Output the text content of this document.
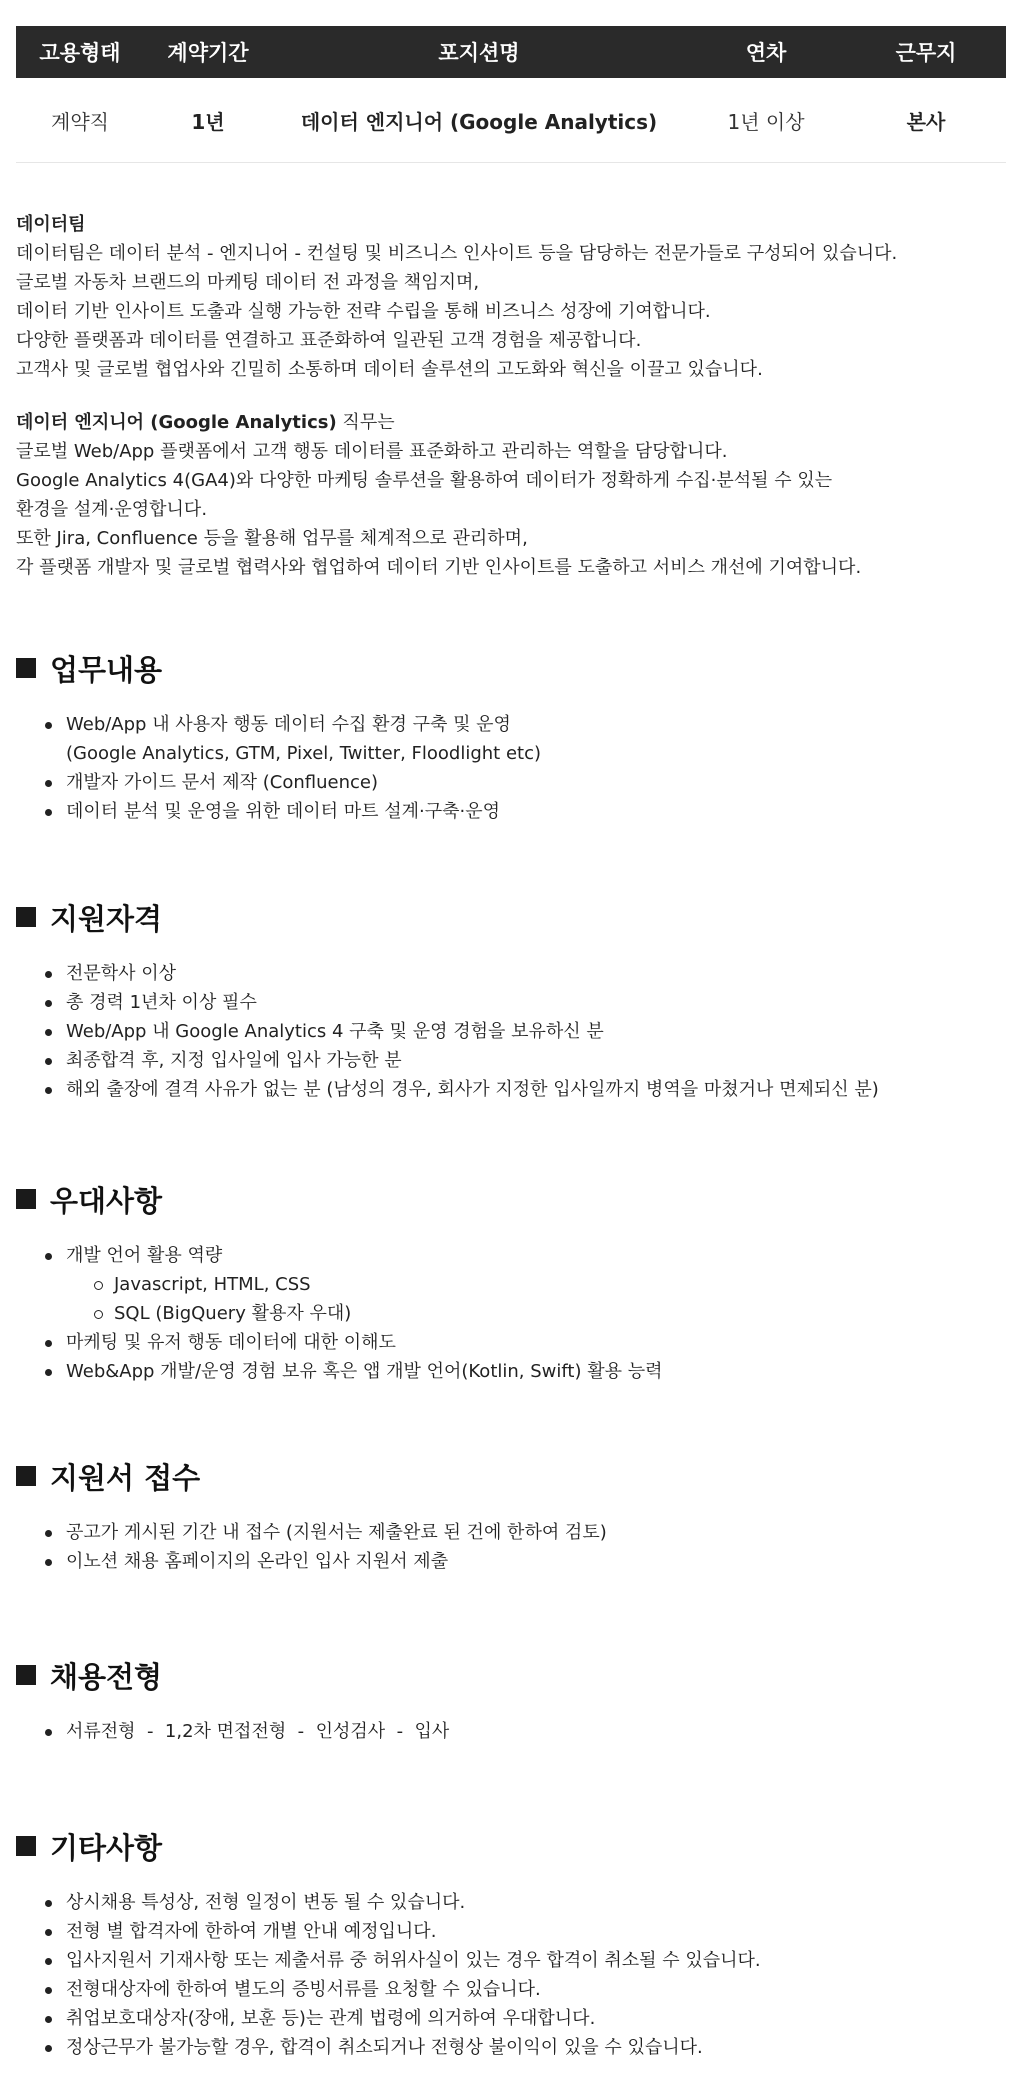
고용형태	계약기간	포지션명	연차	근무지
계약직	1년	데이터 엔지니어 (Google Analytics)	1년 이상	본사

데이터팀

데이터팀은 데이터 분석 - 엔지니어 - 컨설팅 및 비즈니스 인사이트 등을 담당하는 전문가들로 구성되어 있습니다.

글로벌 자동차 브랜드의 마케팅 데이터 전 과정을 책임지며,

데이터 기반 인사이트 도출과 실행 가능한 전략 수립을 통해 비즈니스 성장에 기여합니다.

다양한 플랫폼과 데이터를 연결하고 표준화하여 일관된 고객 경험을 제공합니다.

고객사 및 글로벌 협업사와 긴밀히 소통하며 데이터 솔루션의 고도화와 혁신을 이끌고 있습니다.

데이터 엔지니어 (Google Analytics) 직무는

글로벌 Web/App 플랫폼에서 고객 행동 데이터를 표준화하고 관리하는 역할을 담당합니다.

Google Analytics 4(GA4)와 다양한 마케팅 솔루션을 활용하여 데이터가 정확하게 수집·분석될 수 있는

환경을 설계·운영합니다.

또한 Jira, Confluence 등을 활용해 업무를 체계적으로 관리하며,

각 플랫폼 개발자 및 글로벌 협력사와 협업하여 데이터 기반 인사이트를 도출하고 서비스 개선에 기여합니다.

업무내용
Web/App 내 사용자 행동 데이터 수집 환경 구축 및 운영
(Google Analytics, GTM, Pixel, Twitter, Floodlight etc)
개발자 가이드 문서 제작 (Confluence)
데이터 분석 및 운영을 위한 데이터 마트 설계·구축·운영
지원자격
전문학사 이상
총 경력 1년차 이상 필수
Web/App 내 Google Analytics 4 구축 및 운영 경험을 보유하신 분
최종합격 후, 지정 입사일에 입사 가능한 분
해외 출장에 결격 사유가 없는 분 (남성의 경우, 회사가 지정한 입사일까지 병역을 마쳤거나 면제되신 분)
우대사항
개발 언어 활용 역량
Javascript, HTML, CSS
SQL (BigQuery 활용자 우대)
마케팅 및 유저 행동 데이터에 대한 이해도
Web&App 개발/운영 경험 보유 혹은 앱 개발 언어(Kotlin, Swift) 활용 능력
지원서 접수
공고가 게시된 기간 내 접수 (지원서는 제출완료 된 건에 한하여 검토)
이노션 채용 홈페이지의 온라인 입사 지원서 제출
채용전형
서류전형  -  1,2차 면접전형  -  인성검사  -  입사
기타사항
상시채용 특성상, 전형 일정이 변동 될 수 있습니다.
전형 별 합격자에 한하여 개별 안내 예정입니다.
입사지원서 기재사항 또는 제출서류 중 허위사실이 있는 경우 합격이 취소될 수 있습니다.
전형대상자에 한하여 별도의 증빙서류를 요청할 수 있습니다.
취업보호대상자(장애, 보훈 등)는 관계 법령에 의거하여 우대합니다.
정상근무가 불가능할 경우, 합격이 취소되거나 전형상 불이익이 있을 수 있습니다.
